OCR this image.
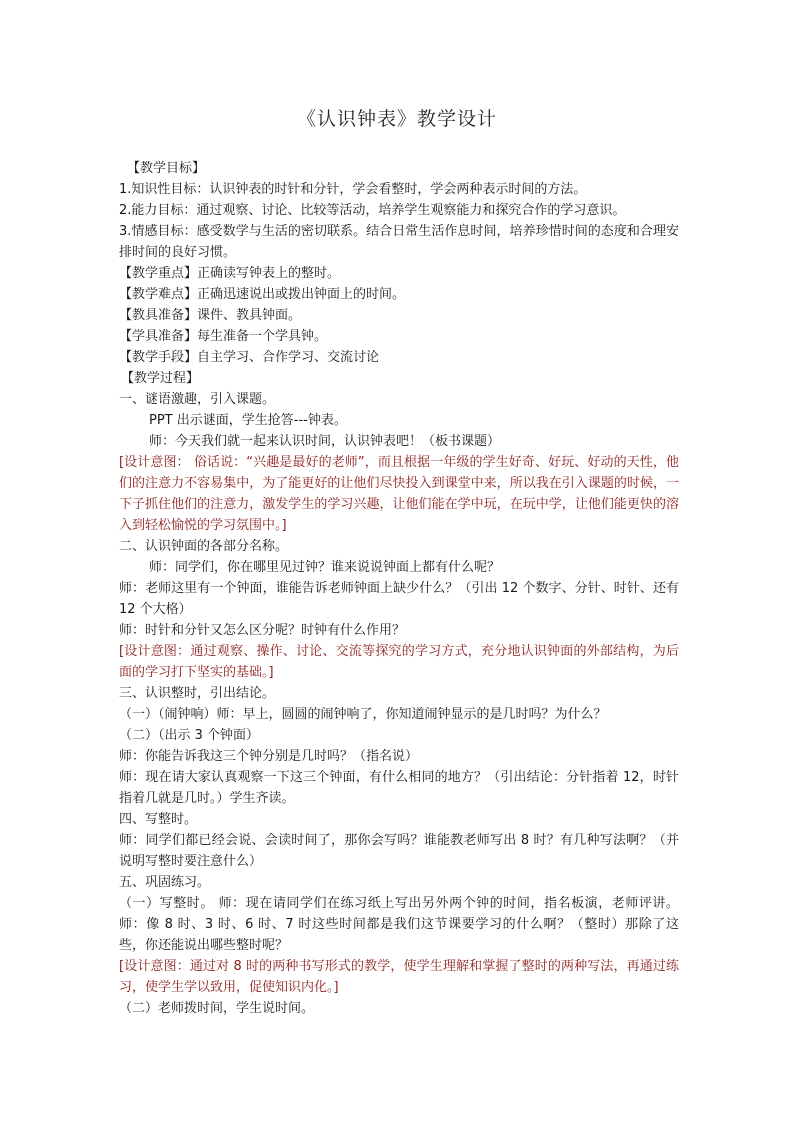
《认识钟表》教学设计

【教学目标】

1.知识性目标：认识钟表的时针和分针，学会看整时，学会两种表示时间的方法。

2.能力目标：通过观察、讨论、比较等活动，培养学生观察能力和探究合作的学习意识。

3.情感目标：感受数学与生活的密切联系。结合日常生活作息时间，培养珍惜时间的态度和合理安排时间的良好习惯。

【教学重点】正确读写钟表上的整时。

【教学难点】正确迅速说出或拨出钟面上的时间。

【教具准备】课件、教具钟面。

【学具准备】每生准备一个学具钟。

【教学手段】自主学习、合作学习、交流讨论

【教学过程】

一、谜语激趣，引入课题。

PPT 出示谜面，学生抢答---钟表。

师：今天我们就一起来认识时间，认识钟表吧！（板书课题）

[设计意图： 俗话说：“兴趣是最好的老师”，而且根据一年级的学生好奇、好玩、好动的天性，他们的注意力不容易集中，为了能更好的让他们尽快投入到课堂中来，所以我在引入课题的时候，一下子抓住他们的注意力，激发学生的学习兴趣，让他们能在学中玩，在玩中学，让他们能更快的溶入到轻松愉悦的学习氛围中。]

二、认识钟面的各部分名称。

师：同学们，你在哪里见过钟？谁来说说钟面上都有什么呢？

师：老师这里有一个钟面，谁能告诉老师钟面上缺少什么？（引出 12 个数字、分针、时针、还有 12 个大格）

师：时针和分针又怎么区分呢？时钟有什么作用？

[设计意图：通过观察、操作、讨论、交流等探究的学习方式，充分地认识钟面的外部结构，为后面的学习打下坚实的基础。]

三、认识整时，引出结论。

（一）（闹钟响）师：早上，圆圆的闹钟响了，你知道闹钟显示的是几时吗？为什么？

（二）（出示 3 个钟面）

师：你能告诉我这三个钟分别是几时吗？（指名说）

师：现在请大家认真观察一下这三个钟面，有什么相同的地方？（引出结论：分针指着 12，时针指着几就是几时。）学生齐读。

四、写整时。

师：同学们都已经会说、会读时间了，那你会写吗？谁能教老师写出 8 时？有几种写法啊？（并说明写整时要注意什么）

五、巩固练习。

（一）写整时。 师：现在请同学们在练习纸上写出另外两个钟的时间，指名板演，老师评讲。 师：像 8 时、3 时、6 时、7 时这些时间都是我们这节课要学习的什么啊？（整时）那除了这些，你还能说出哪些整时呢？

[设计意图：通过对 8 时的两种书写形式的教学，使学生理解和掌握了整时的两种写法，再通过练习，使学生学以致用，促使知识内化。]

（二）老师拨时间，学生说时间。
